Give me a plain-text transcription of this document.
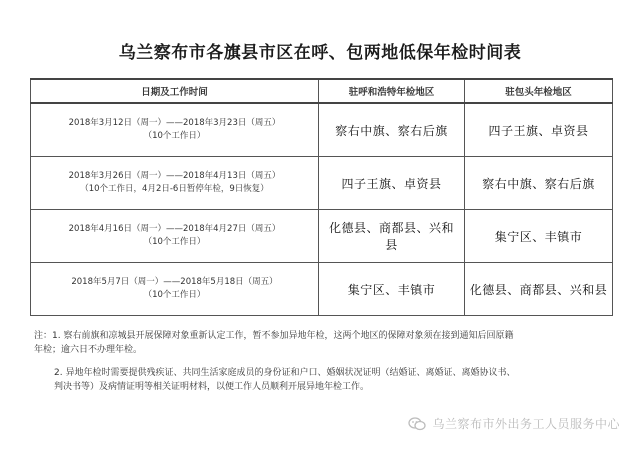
乌兰察布市各旗县市区在呼、包两地低保年检时间表
日期及工作时间	驻呼和浩特年检地区	驻包头年检地区

2018年3月12日（周一）——2018年3月23日（周五）
（10个工作日）	察右中旗、察右后旗	四子王旗、卓资县

2018年3月26日（周一）——2018年4月13日（周五）
（10个工作日，4月2日-6日暂停年检，9日恢复）	四子王旗、卓资县	察右中旗、察右后旗

2018年4月16日（周一）——2018年4月27日（周五）
（10个工作日）	化德县、商都县、兴和县	集宁区、丰镇市

2018年5月7日（周一）——2018年5月18日（周五）
（10个工作日）	集宁区、丰镇市	化德县、商都县、兴和县

注：1. 察右前旗和凉城县开展保障对象重新认定工作，暂不参加异地年检，这两个地区的保障对象须在接到通知后回原籍
年检；逾六日不办理年检。

2. 异地年检时需要提供残疾证、共同生活家庭成员的身份证和户口、婚姻状况证明（结婚证、离婚证、离婚协议书、
判决书等）及病情证明等相关证明材料，以便工作人员顺利开展异地年检工作。

乌兰察布市外出务工人员服务中心
